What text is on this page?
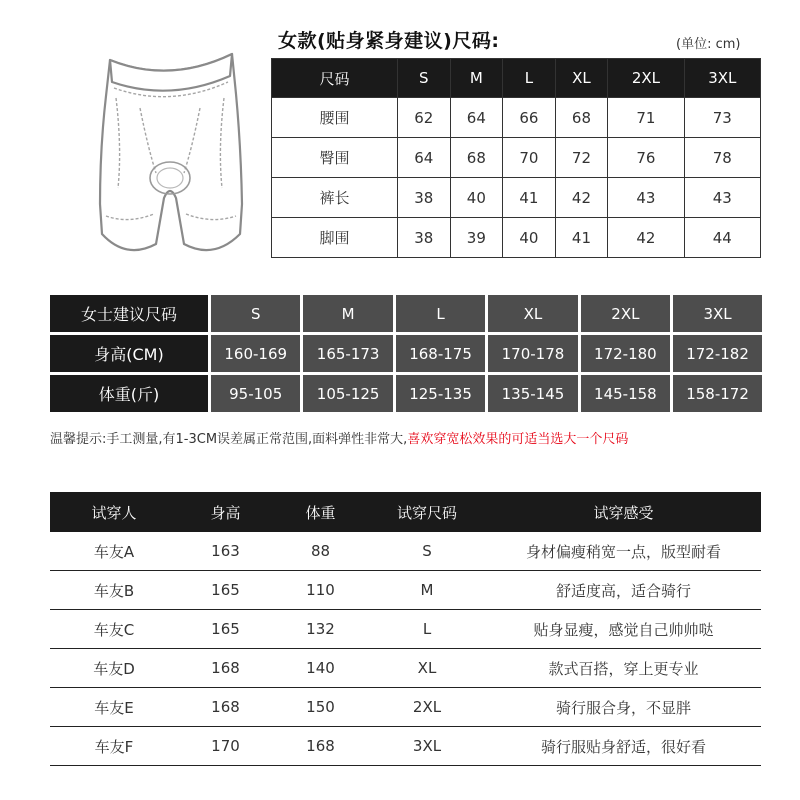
女款(贴身紧身建议)尺码:	(单位: cm)
尺码	S	M	L	XL	2XL	3XL
腰围	62	64	66	68	71	73
臀围	64	68	70	72	76	78
裤长	38	40	41	42	43	43
脚围	38	39	40	41	42	44
女士建议尺码	S	M	L	XL	2XL	3XL
身高(CM)	160-169	165-173	168-175	170-178	172-180	172-182
体重(斤)	95-105	105-125	125-135	135-145	145-158	158-172
温馨提示:手工测量,有1-3CM误差属正常范围,面料弹性非常大,喜欢穿宽松效果的可适当选大一个尺码
试穿人	身高	体重	试穿尺码	试穿感受
车友A	163	88	S	身材偏瘦稍宽一点，版型耐看
车友B	165	110	M	舒适度高，适合骑行
车友C	165	132	L	贴身显瘦，感觉自己帅帅哒
车友D	168	140	XL	款式百搭，穿上更专业
车友E	168	150	2XL	骑行服合身，不显胖
车友F	170	168	3XL	骑行服贴身舒适，很好看
